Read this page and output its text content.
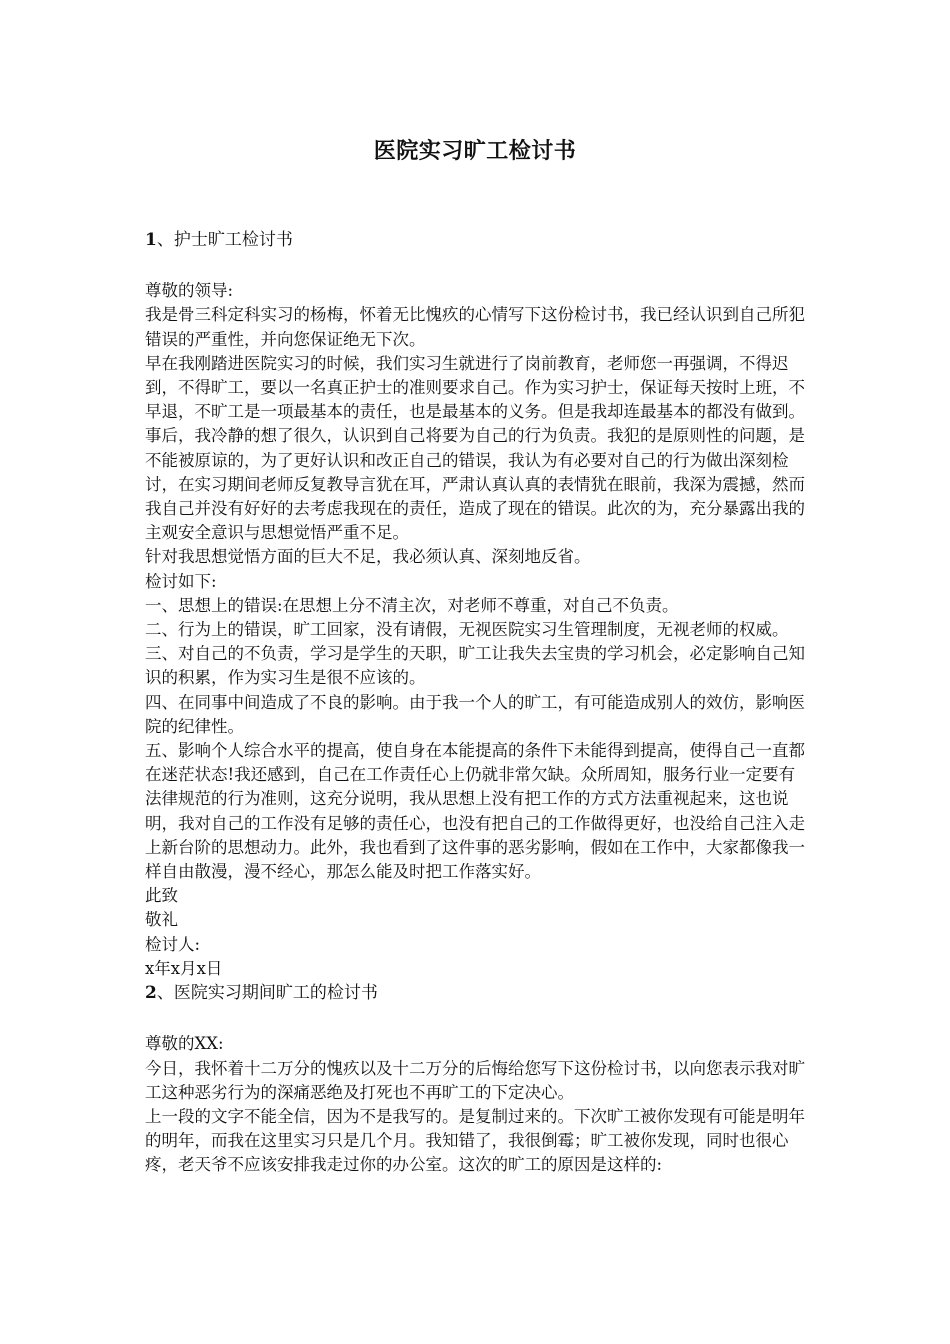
医院实习旷工检讨书

1、护士旷工检讨书

尊敬的领导:

我是骨三科定科实习的杨梅，怀着无比愧疚的心情写下这份检讨书，我已经认识到自己所犯错误的严重性，并向您保证绝无下次。

早在我刚踏进医院实习的时候，我们实习生就进行了岗前教育，老师您一再强调，不得迟到，不得旷工，要以一名真正护士的准则要求自己。作为实习护士，保证每天按时上班，不早退，不旷工是一项最基本的责任，也是最基本的义务。但是我却连最基本的都没有做到。事后，我冷静的想了很久，认识到自己将要为自己的行为负责。我犯的是原则性的问题，是不能被原谅的，为了更好认识和改正自己的错误，我认为有必要对自己的行为做出深刻检讨，在实习期间老师反复教导言犹在耳，严肃认真认真的表情犹在眼前，我深为震撼，然而我自己并没有好好的去考虑我现在的责任，造成了现在的错误。此次的为，充分暴露出我的主观安全意识与思想觉悟严重不足。

针对我思想觉悟方面的巨大不足，我必须认真、深刻地反省。

检讨如下:

一、思想上的错误:在思想上分不清主次，对老师不尊重，对自己不负责。

二、行为上的错误，旷工回家，没有请假，无视医院实习生管理制度，无视老师的权威。

三、对自己的不负责，学习是学生的天职，旷工让我失去宝贵的学习机会，必定影响自己知识的积累，作为实习生是很不应该的。

四、在同事中间造成了不良的影响。由于我一个人的旷工，有可能造成别人的效仿，影响医院的纪律性。

五、影响个人综合水平的提高，使自身在本能提高的条件下未能得到提高，使得自己一直都在迷茫状态!我还感到，自己在工作责任心上仍就非常欠缺。众所周知，服务行业一定要有法律规范的行为准则，这充分说明，我从思想上没有把工作的方式方法重视起来，这也说明，我对自己的工作没有足够的责任心，也没有把自己的工作做得更好，也没给自己注入走上新台阶的思想动力。此外，我也看到了这件事的恶劣影响，假如在工作中，大家都像我一样自由散漫，漫不经心，那怎么能及时把工作落实好。

此致

敬礼

检讨人:

x年x月x日

2、医院实习期间旷工的检讨书

尊敬的XX:

今日，我怀着十二万分的愧疚以及十二万分的后悔给您写下这份检讨书，以向您表示我对旷工这种恶劣行为的深痛恶绝及打死也不再旷工的下定决心。

上一段的文字不能全信，因为不是我写的。是复制过来的。下次旷工被你发现有可能是明年的明年，而我在这里实习只是几个月。我知错了，我很倒霉；旷工被你发现，同时也很心疼，老天爷不应该安排我走过你的办公室。这次的旷工的原因是这样的:
